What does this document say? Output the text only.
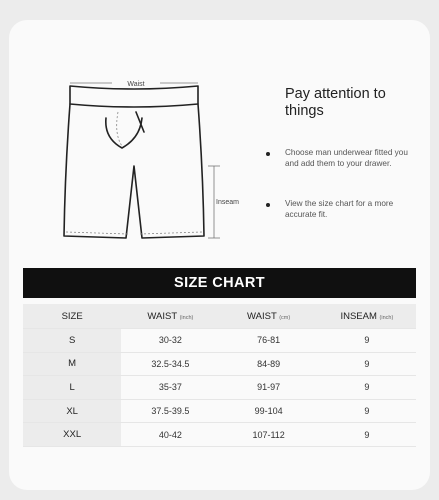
Waist
Inseam
Pay attention to things
Choose man underwear fitted you and add them to your drawer.
View the size chart for a more accurate fit.
SIZE CHART
SIZE	WAIST (inch)	WAIST (cm)	INSEAM (inch)
S	30-32	76-81	9
M	32.5-34.5	84-89	9
L	35-37	91-97	9
XL	37.5-39.5	99-104	9
XXL	40-42	107-112	9
